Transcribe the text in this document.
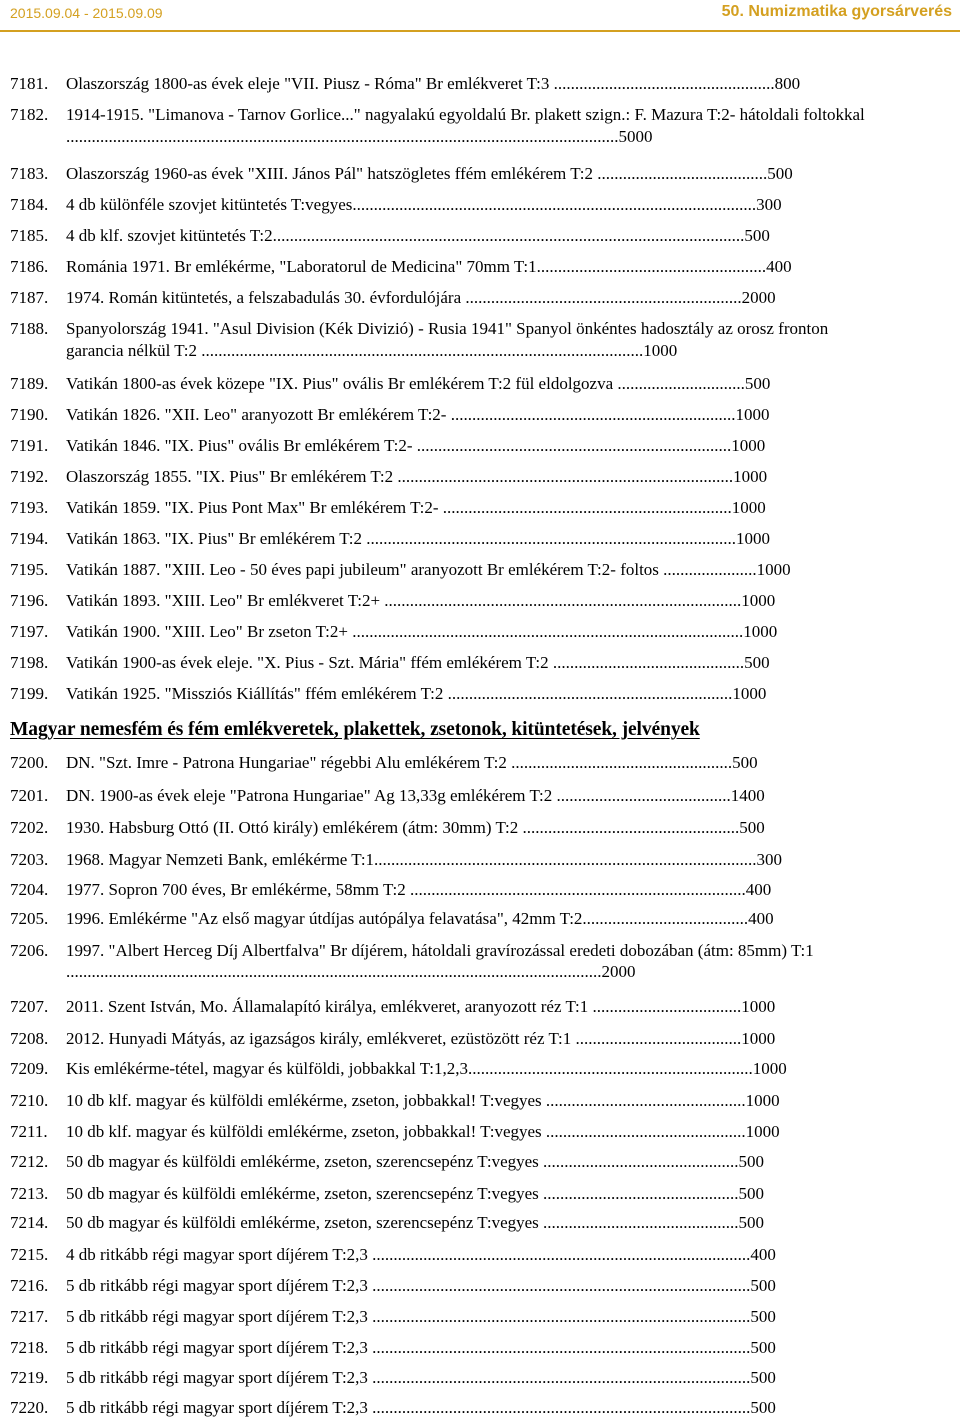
2015.09.04 - 2015.09.09	50. Numizmatika gyorsárverés
7181.	Olaszország 1800-as évek eleje "VII. Piusz - Róma" Br emlékveret T:3 ....................................................800
7182.	1914-1915. "Limanova - Tarnov Gorlice..." nagyalakú egyoldalú Br. plakett szign.: F. Mazura T:2- hátoldali foltokkal ..................................................................................................................................5000
7183.	Olaszország 1960-as évek "XIII. János Pál" hatszögletes ffém emlékérem T:2 ........................................500
7184.	4 db különféle szovjet kitüntetés T:vegyes...............................................................................................300
7185.	4 db klf. szovjet kitüntetés T:2...............................................................................................................500
7186.	Románia 1971. Br emlékérme, "Laboratorul de Medicina" 70mm T:1......................................................400
7187.	1974. Román kitüntetés, a felszabadulás 30. évfordulójára .................................................................2000
7188.	Spanyolország 1941. "Asul Division (Kék Divizió) - Rusia 1941" Spanyol önkéntes hadosztály az orosz fronton garancia nélkül T:2 ........................................................................................................1000
7189.	Vatikán 1800-as évek közepe "IX. Pius" ovális Br emlékérem T:2 fül eldolgozva ..............................500
7190.	Vatikán 1826. "XII. Leo" aranyozott Br emlékérem T:2- ...................................................................1000
7191.	Vatikán 1846. "IX. Pius" ovális Br emlékérem T:2- ..........................................................................1000
7192.	Olaszország 1855. "IX. Pius" Br emlékérem T:2 ...............................................................................1000
7193.	Vatikán 1859. "IX. Pius Pont Max" Br emlékérem T:2- ....................................................................1000
7194.	Vatikán 1863. "IX. Pius" Br emlékérem T:2 .......................................................................................1000
7195.	Vatikán 1887. "XIII. Leo - 50 éves papi jubileum" aranyozott Br emlékérem T:2- foltos ......................1000
7196.	Vatikán 1893. "XIII. Leo" Br emlékveret T:2+ ....................................................................................1000
7197.	Vatikán 1900. "XIII. Leo" Br zseton T:2+ ............................................................................................1000
7198.	Vatikán 1900-as évek eleje. "X. Pius - Szt. Mária" ffém emlékérem T:2 .............................................500
7199.	Vatikán 1925. "Missziós Kiállítás" ffém emlékérem T:2 ...................................................................1000
Magyar nemesfém és fém emlékveretek, plakettek, zsetonok, kitüntetések, jelvények
7200.	DN. "Szt. Imre - Patrona Hungariae" régebbi Alu emlékérem T:2 ....................................................500
7201.	DN. 1900-as évek eleje "Patrona Hungariae" Ag 13,33g emlékérem T:2 .........................................1400
7202.	1930. Habsburg Ottó (II. Ottó király) emlékérem (átm: 30mm) T:2 ...................................................500
7203.	1968. Magyar Nemzeti Bank, emlékérme T:1..........................................................................................300
7204.	1977. Sopron 700 éves, Br emlékérme, 58mm T:2 ...............................................................................400
7205.	1996. Emlékérme "Az első magyar útdíjas autópálya felavatása", 42mm T:2.......................................400
7206.	1997. "Albert Herceg Díj Albertfalva" Br díjérem, hátoldali gravírozással eredeti dobozában (átm: 85mm) T:1 ..............................................................................................................................2000
7207.	2011. Szent István, Mo. Államalapító királya, emlékveret, aranyozott réz T:1 ...................................1000
7208.	2012. Hunyadi Mátyás, az igazságos király, emlékveret, ezüstözött réz T:1 .......................................1000
7209.	Kis emlékérme-tétel, magyar és külföldi, jobbakkal T:1,2,3...................................................................1000
7210.	10 db klf. magyar és külföldi emlékérme, zseton, jobbakkal! T:vegyes ...............................................1000
7211.	10 db klf. magyar és külföldi emlékérme, zseton, jobbakkal! T:vegyes ...............................................1000
7212.	50 db magyar és külföldi emlékérme, zseton, szerencsepénz T:vegyes ..............................................500
7213.	50 db magyar és külföldi emlékérme, zseton, szerencsepénz T:vegyes ..............................................500
7214.	50 db magyar és külföldi emlékérme, zseton, szerencsepénz T:vegyes ..............................................500
7215.	4 db ritkább régi magyar sport díjérem T:2,3 .........................................................................................400
7216.	5 db ritkább régi magyar sport díjérem T:2,3 .........................................................................................500
7217.	5 db ritkább régi magyar sport díjérem T:2,3 .........................................................................................500
7218.	5 db ritkább régi magyar sport díjérem T:2,3 .........................................................................................500
7219.	5 db ritkább régi magyar sport díjérem T:2,3 .........................................................................................500
7220.	5 db ritkább régi magyar sport díjérem T:2,3 .........................................................................................500
